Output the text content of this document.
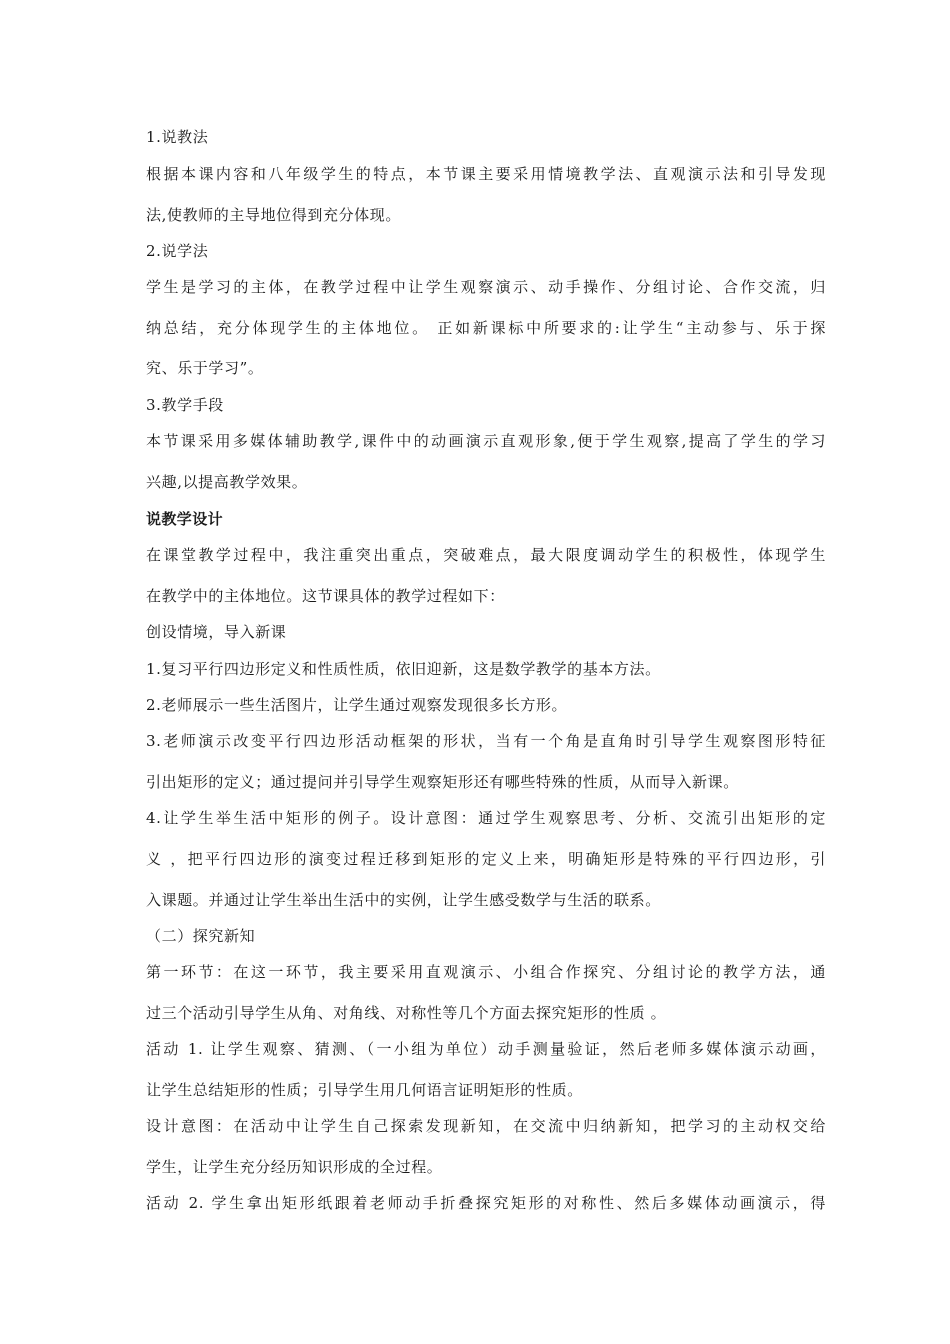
1.说教法
根据本课内容和八年级学生的特点，本节课主要采用情境教学法、直观演示法和引导发现
法,使教师的主导地位得到充分体现。
2.说学法
学生是学习的主体，在教学过程中让学生观察演示、动手操作、分组讨论、合作交流，归
纳总结，充分体现学生的主体地位。 正如新课标中所要求的:让学生“主动参与、乐于探
究、乐于学习”。
3.教学手段
本节课采用多媒体辅助教学,课件中的动画演示直观形象,便于学生观察,提高了学生的学习
兴趣,以提高教学效果。
说教学设计
在课堂教学过程中，我注重突出重点，突破难点，最大限度调动学生的积极性，体现学生
在教学中的主体地位。这节课具体的教学过程如下：
创设情境，导入新课
1.复习平行四边形定义和性质性质，依旧迎新，这是数学教学的基本方法。
2.老师展示一些生活图片，让学生通过观察发现很多长方形。
3.老师演示改变平行四边形活动框架的形状，当有一个角是直角时引导学生观察图形特征
引出矩形的定义；通过提问并引导学生观察矩形还有哪些特殊的性质，从而导入新课。
4.让学生举生活中矩形的例子。设计意图：通过学生观察思考、分析、交流引出矩形的定
义 ，把平行四边形的演变过程迁移到矩形的定义上来，明确矩形是特殊的平行四边形，引
入课题。并通过让学生举出生活中的实例，让学生感受数学与生活的联系。
（二）探究新知
第一环节：在这一环节，我主要采用直观演示、小组合作探究、分组讨论的教学方法，通
过三个活动引导学生从角、对角线、对称性等几个方面去探究矩形的性质 。
活动 1. 让学生观察、猜测、（一小组为单位）动手测量验证，然后老师多媒体演示动画，
让学生总结矩形的性质；引导学生用几何语言证明矩形的性质。
设计意图：在活动中让学生自己探索发现新知，在交流中归纳新知，把学习的主动权交给
学生，让学生充分经历知识形成的全过程。
活动 2. 学生拿出矩形纸跟着老师动手折叠探究矩形的对称性、然后多媒体动画演示，得
